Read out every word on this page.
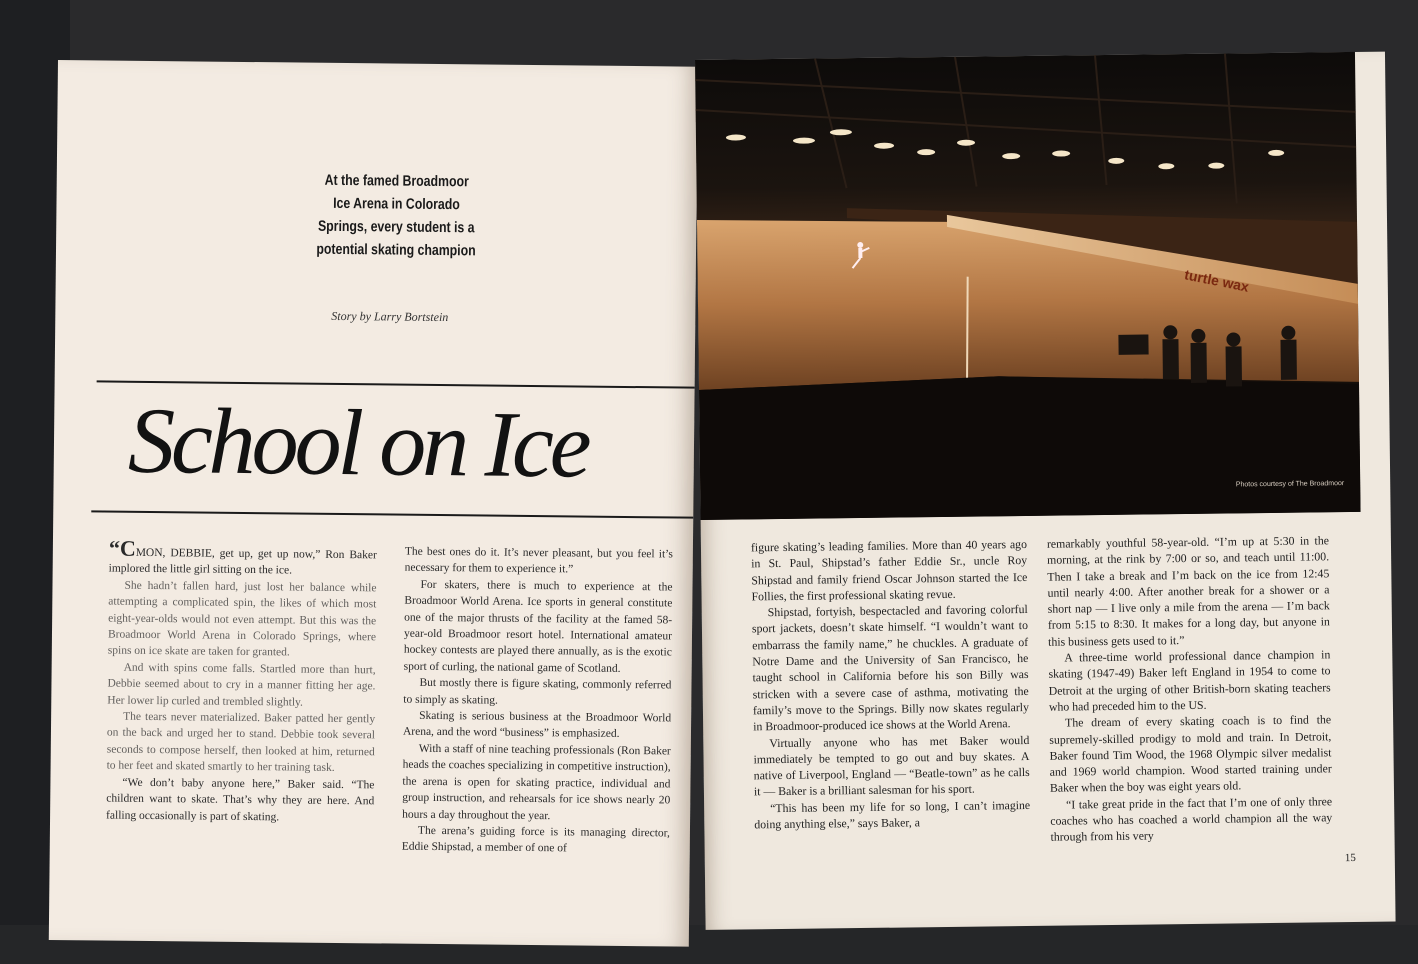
At the famed Broadmoor Ice Arena in Colorado Springs, every student is a potential skating champion
Story by Larry Bortstein
School on Ice

“CMON, DEBBIE, get up, get up now,” Ron Baker implored the little girl sitting on the ice.

She hadn’t fallen hard, just lost her balance while attempting a complicated spin, the likes of which most eight-year-olds would not even attempt. But this was the Broadmoor World Arena in Colorado Springs, where spins on ice skate are taken for granted.

And with spins come falls. Startled more than hurt, Debbie seemed about to cry in a manner fitting her age. Her lower lip curled and trembled slightly.

The tears never materialized. Baker patted her gently on the back and urged her to stand. Debbie took several seconds to compose herself, then looked at him, returned to her feet and skated smartly to her training task.

“We don’t baby anyone here,” Baker said. “The children want to skate. That’s why they are here. And falling occasionally is part of skating.

The best ones do it. It’s never pleasant, but you feel it’s necessary for them to experience it.”

For skaters, there is much to experience at the Broadmoor World Arena. Ice sports in general constitute one of the major thrusts of the facility at the famed 58-year-old Broadmoor resort hotel. International amateur hockey contests are played there annually, as is the exotic sport of curling, the national game of Scotland.

But mostly there is figure skating, commonly referred to simply as skating.

Skating is serious business at the Broadmoor World Arena, and the word “business” is emphasized.

With a staff of nine teaching professionals (Ron Baker heads the coaches specializing in competitive instruction), the arena is open for skating practice, individual and group instruction, and rehearsals for ice shows nearly 20 hours a day throughout the year.

The arena’s guiding force is its managing director, Eddie Shipstad, a member of one of

turtle wax
Photos courtesy of The Broadmoor

figure skating’s leading families. More than 40 years ago in St. Paul, Shipstad’s father Eddie Sr., uncle Roy Shipstad and family friend Oscar Johnson started the Ice Follies, the first professional skating revue.

Shipstad, fortyish, bespectacled and favoring colorful sport jackets, doesn’t skate himself. “I wouldn’t want to embarrass the family name,” he chuckles. A graduate of Notre Dame and the University of San Francisco, he taught school in California before his son Billy was stricken with a severe case of asthma, motivating the family’s move to the Springs. Billy now skates regularly in Broadmoor-produced ice shows at the World Arena.

Virtually anyone who has met Baker would immediately be tempted to go out and buy skates. A native of Liverpool, England — “Beatle-town” as he calls it — Baker is a brilliant salesman for his sport.

“This has been my life for so long, I can’t imagine doing anything else,” says Baker, a

remarkably youthful 58-year-old. “I’m up at 5:30 in the morning, at the rink by 7:00 or so, and teach until 11:00. Then I take a break and I’m back on the ice from 12:45 until nearly 4:00. After another break for a shower or a short nap — I live only a mile from the arena — I’m back from 5:15 to 8:30. It makes for a long day, but anyone in this business gets used to it.”

A three-time world professional dance champion in skating (1947-49) Baker left England in 1954 to come to Detroit at the urging of other British-born skating teachers who had preceded him to the US.

The dream of every skating coach is to find the supremely-skilled prodigy to mold and train. In Detroit, Baker found Tim Wood, the 1968 Olympic silver medalist and 1969 world champion. Wood started training under Baker when the boy was eight years old.

“I take great pride in the fact that I’m one of only three coaches who has coached a world champion all the way through from his very

15
